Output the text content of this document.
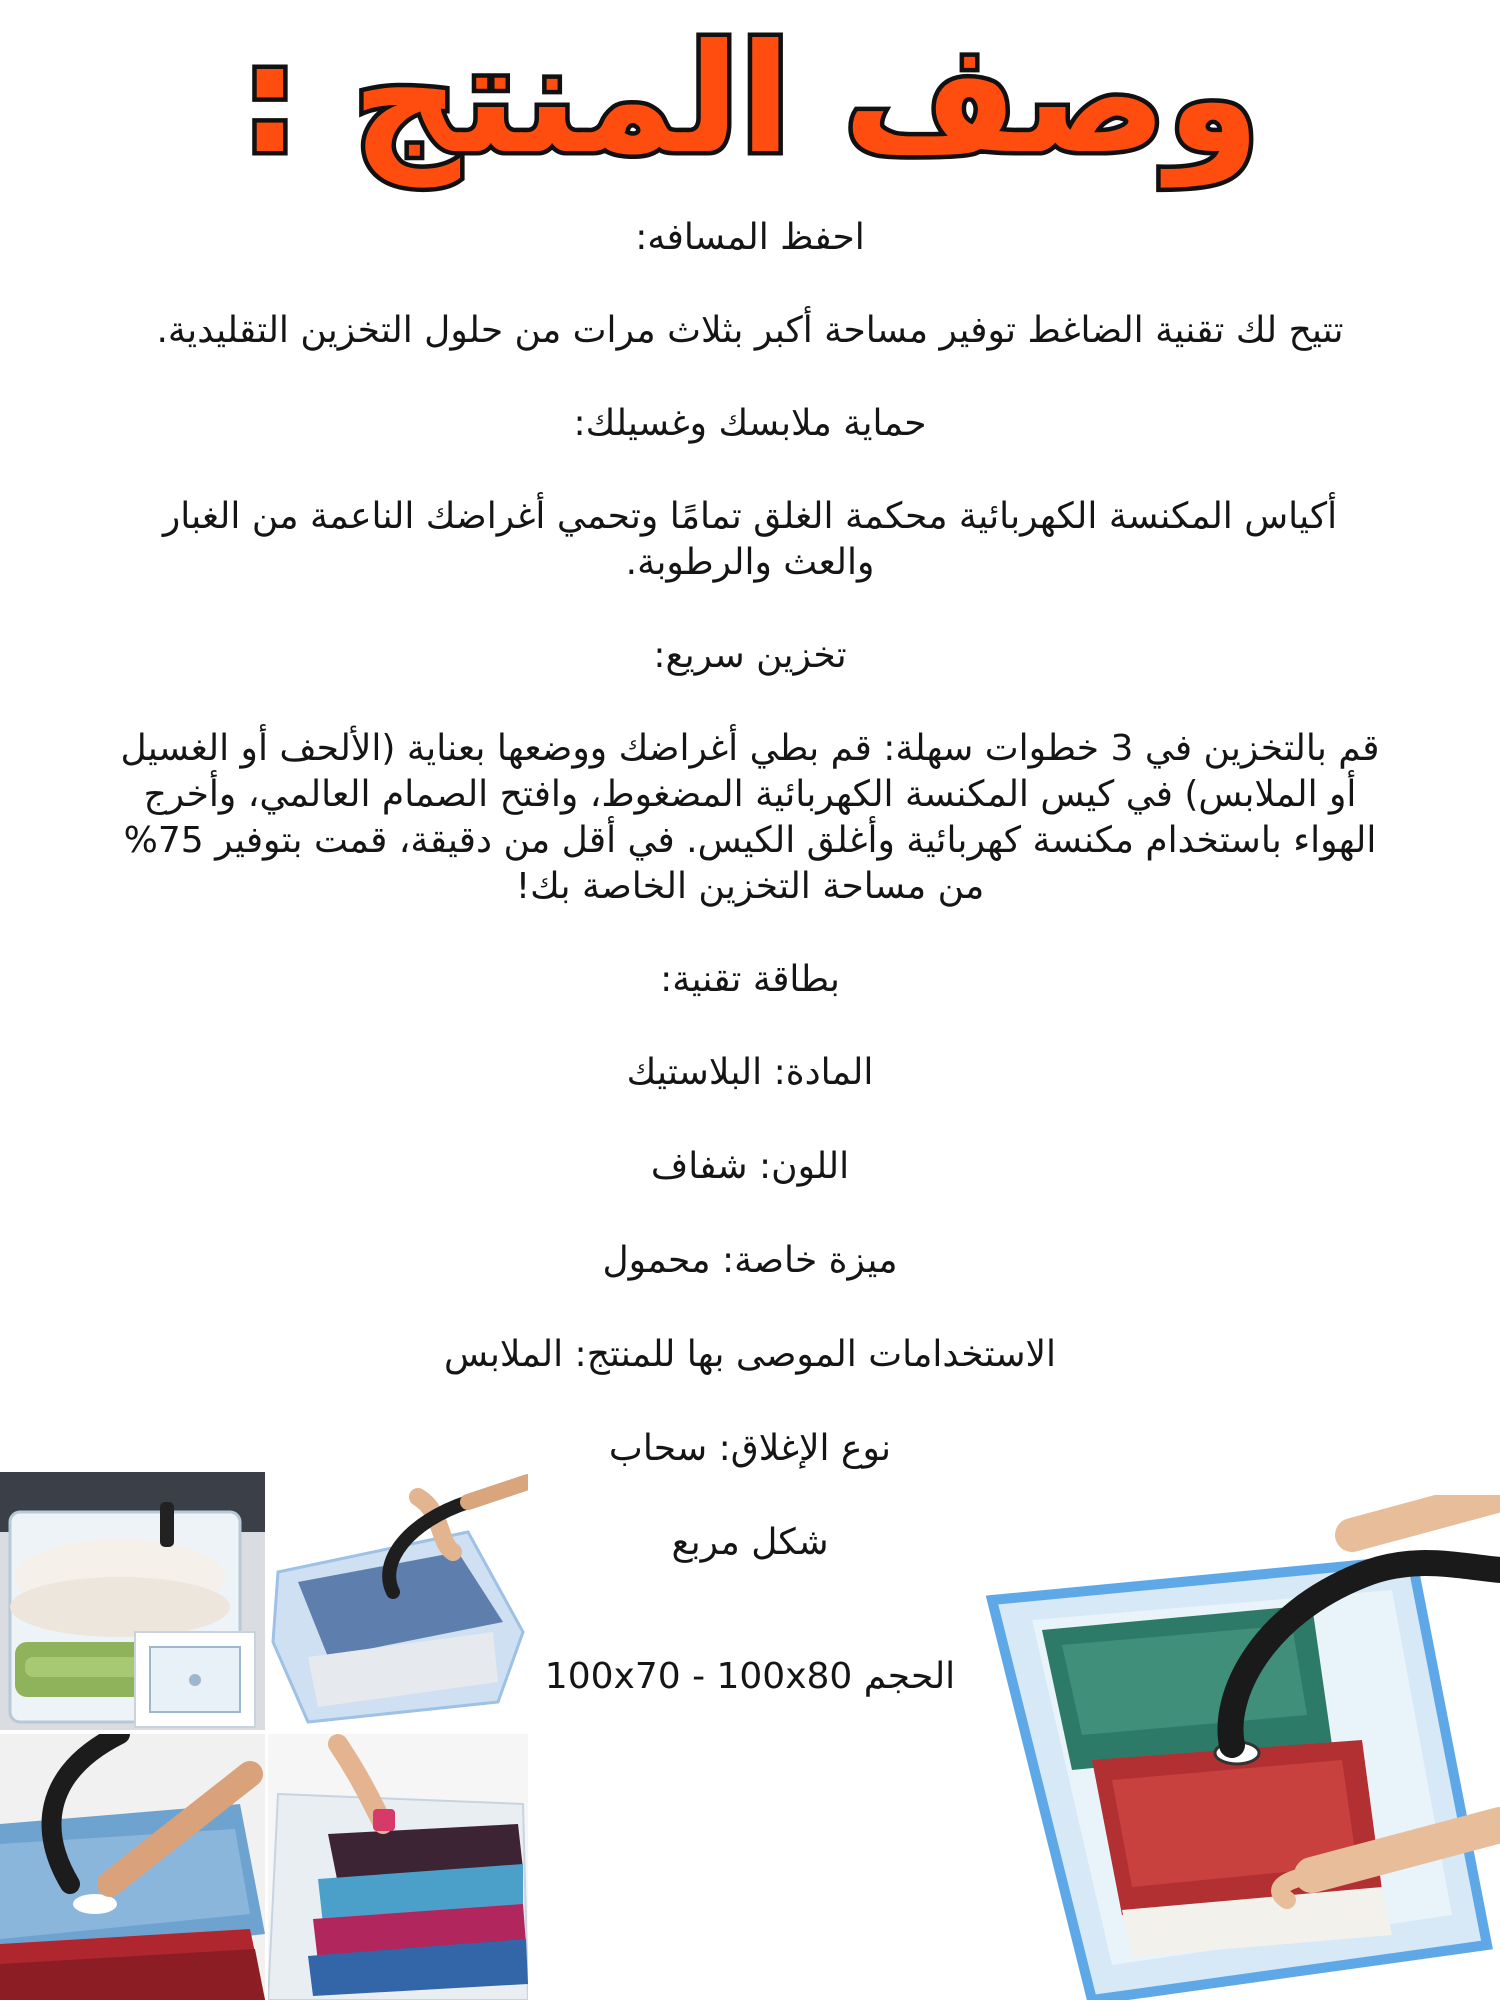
وصف المنتج :

احفظ المسافه:

تتيح لك تقنية الضاغط توفير مساحة أكبر بثلاث مرات من حلول التخزين التقليدية.

حماية ملابسك وغسيلك:

أكياس المكنسة الكهربائية محكمة الغلق تمامًا وتحمي أغراضك الناعمة من الغبار والعث والرطوبة.

تخزين سريع:

قم بالتخزين في 3 خطوات سهلة: قم بطي أغراضك ووضعها بعناية (الألحف أو الغسيل أو الملابس) في كيس المكنسة الكهربائية المضغوط، وافتح الصمام العالمي، وأخرج الهواء باستخدام مكنسة كهربائية وأغلق الكيس. في أقل من دقيقة، قمت بتوفير 75% من مساحة التخزين الخاصة بك!

بطاقة تقنية:

المادة: البلاستيك

اللون: شفاف

ميزة خاصة: محمول

الاستخدامات الموصى بها للمنتج: الملابس

نوع الإغلاق: سحاب

شكل مربع

الحجم 100x70 - 100x80
